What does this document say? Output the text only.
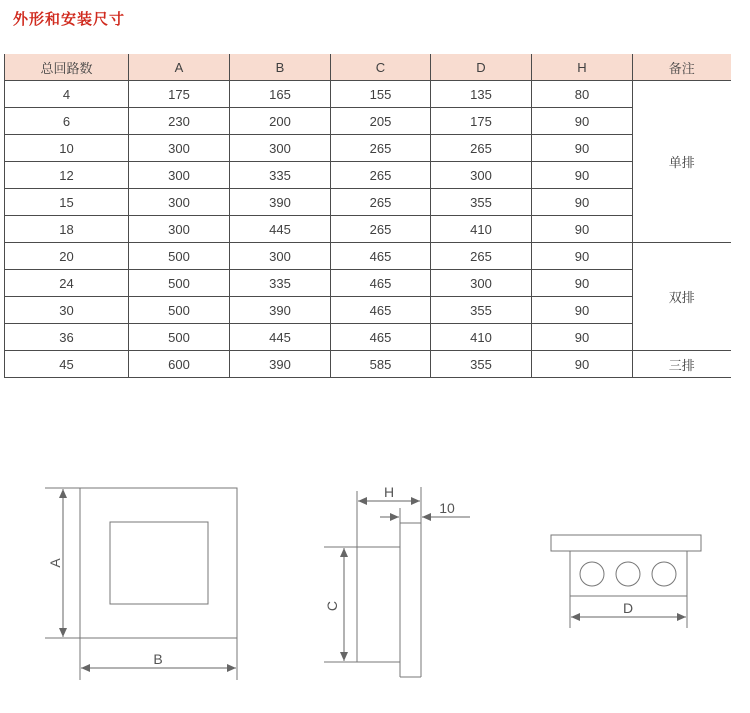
外形和安装尺寸
总回路数	A	B	C	D	H	备注
4	175	165	155	135	80	单排
6	230	200	205	175	90	
10	300	300	265	265	90	
12	300	335	265	300	90	
15	300	390	265	355	90	
18	300	445	265	410	90	
20	500	300	465	265	90	双排
24	500	335	465	300	90	
30	500	390	465	355	90	
36	500	445	465	410	90	
45	600	390	585	355	90	三排
A
B
H
10
C	D
